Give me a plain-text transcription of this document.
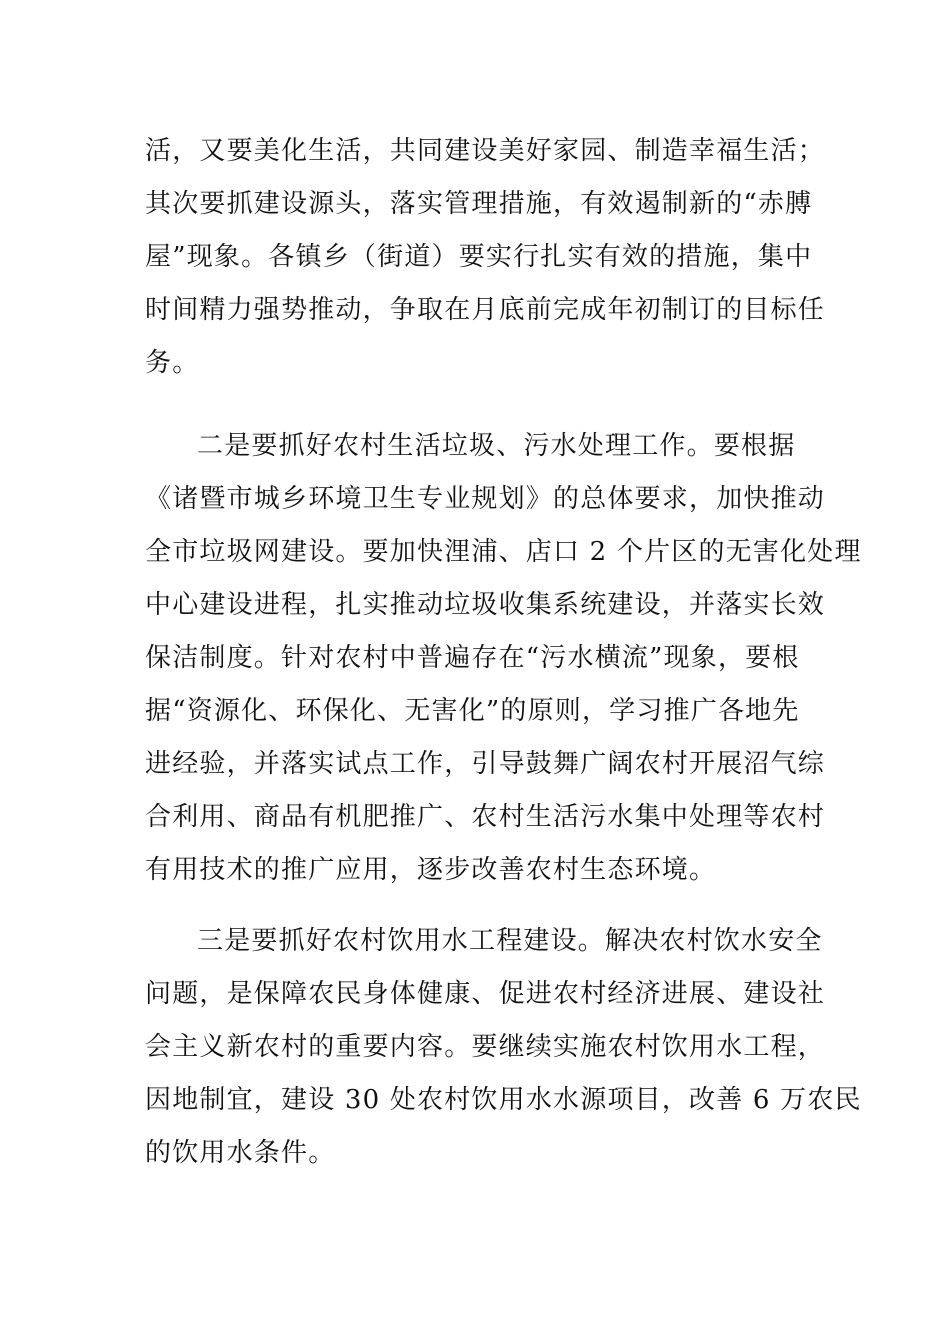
活，又要美化生活，共同建设美好家园、制造幸福生活；
其次要抓建设源头，落实管理措施，有效遏制新的“赤膊
屋”现象。各镇乡（街道）要实行扎实有效的措施，集中
时间精力强势推动，争取在月底前完成年初制订的目标任
务。
二是要抓好农村生活垃圾、污水处理工作。要根据
《诸暨市城乡环境卫生专业规划》的总体要求，加快推动
全市垃圾网建设。要加快浬浦、店口 2 个片区的无害化处理
中心建设进程，扎实推动垃圾收集系统建设，并落实长效
保洁制度。针对农村中普遍存在“污水横流”现象，要根
据“资源化、环保化、无害化”的原则，学习推广各地先
进经验，并落实试点工作，引导鼓舞广阔农村开展沼气综
合利用、商品有机肥推广、农村生活污水集中处理等农村
有用技术的推广应用，逐步改善农村生态环境。
三是要抓好农村饮用水工程建设。解决农村饮水安全
问题，是保障农民身体健康、促进农村经济进展、建设社
会主义新农村的重要内容。要继续实施农村饮用水工程，
因地制宜，建设 30 处农村饮用水水源项目，改善 6 万农民
的饮用水条件。
